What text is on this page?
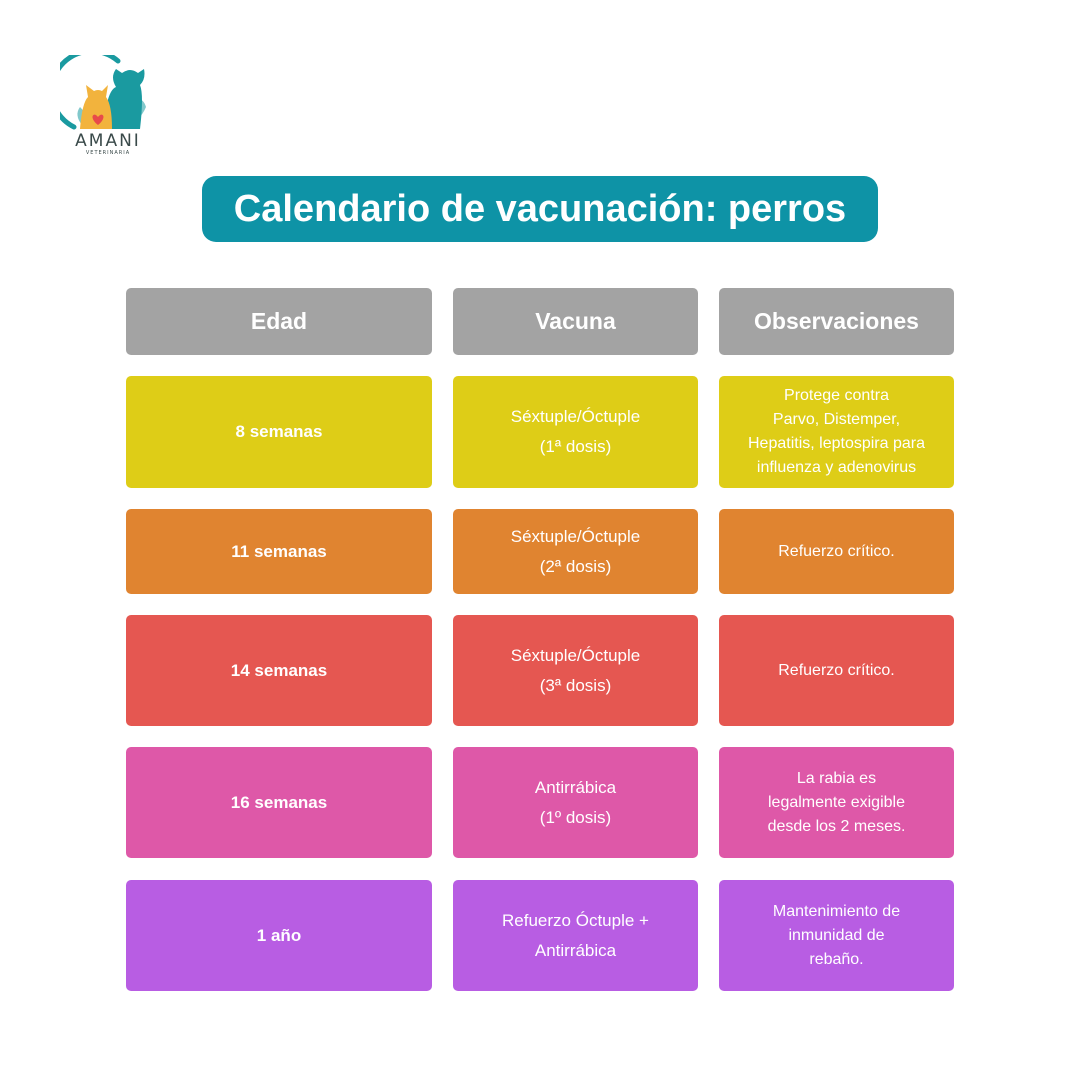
AMANI
VETERINARIA
Calendario de vacunación: perros
Edad	Vacuna	Observaciones
8 semanas
Séxtuple/Óctuple
(1ª dosis)
Protege contra
Parvo, Distemper,
Hepatitis, leptospira para
influenza y adenovirus
11 semanas
Séxtuple/Óctuple
(2ª dosis)
Refuerzo crítico.
14 semanas
Séxtuple/Óctuple
(3ª dosis)
Refuerzo crítico.
16 semanas
Antirrábica
(1º dosis)
La rabia es
legalmente exigible
desde los 2 meses.
1 año
Refuerzo Óctuple +
Antirrábica
Mantenimiento de
inmunidad de
rebaño.
